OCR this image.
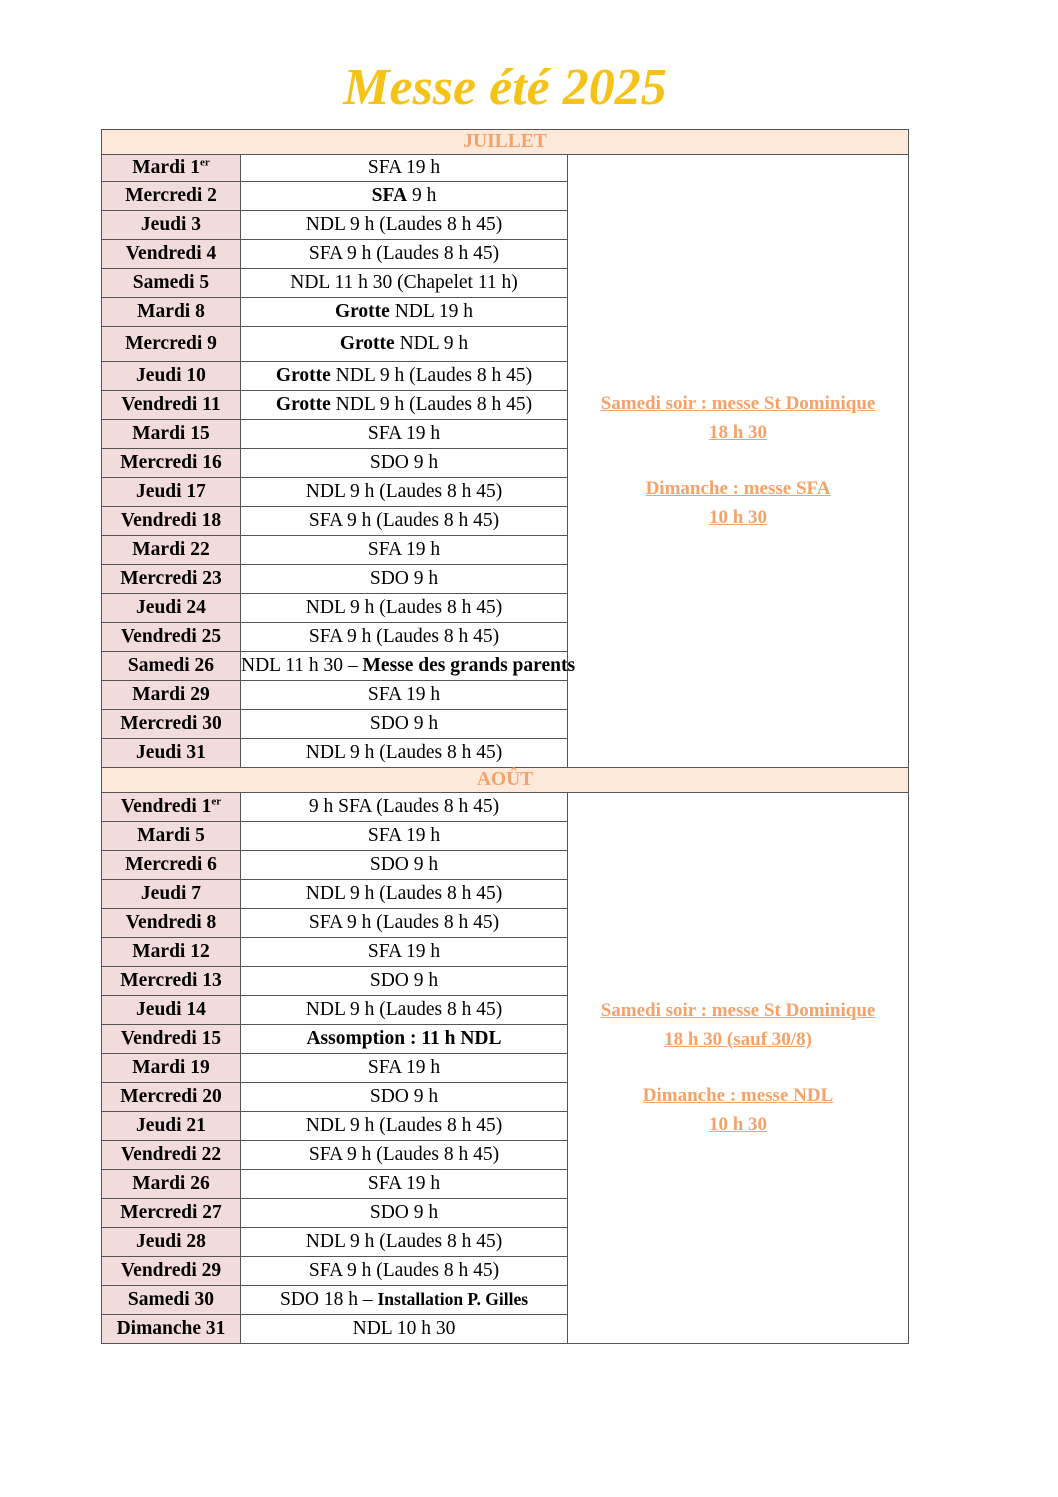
Messe été 2025
JUILLET		
Mardi 1er	SFA 19 h	Samedi soir : messe St Dominique
18 h 30
Dimanche : messe SFA
10 h 30

Mercredi 2	SFA 9 h	
Jeudi 3	NDL 9 h (Laudes 8 h 45)	
Vendredi 4	SFA 9 h (Laudes 8 h 45)	
Samedi 5	NDL 11 h 30 (Chapelet 11 h)	
Mardi 8	Grotte NDL 19 h	
Mercredi 9	Grotte NDL 9 h	
Jeudi 10	Grotte NDL 9 h (Laudes 8 h 45)	
Vendredi 11	Grotte NDL 9 h (Laudes 8 h 45)	
Mardi 15	SFA 19 h	
Mercredi 16	SDO 9 h	
Jeudi 17	NDL 9 h (Laudes 8 h 45)	
Vendredi 18	SFA 9 h (Laudes 8 h 45)	
Mardi 22	SFA 19 h	
Mercredi 23	SDO 9 h	
Jeudi 24	NDL 9 h (Laudes 8 h 45)	
Vendredi 25	SFA 9 h (Laudes 8 h 45)	
Samedi 26	NDL 11 h 30 – Messe des grands parents	
Mardi 29	SFA 19 h	
Mercredi 30	SDO 9 h	
Jeudi 31	NDL 9 h (Laudes 8 h 45)	
AOÛT		
Vendredi 1er	9 h SFA (Laudes 8 h 45)	Samedi soir : messe St Dominique
18 h 30 (sauf 30/8)
Dimanche : messe NDL
10 h 30

Mardi 5	SFA 19 h	
Mercredi 6	SDO 9 h	
Jeudi 7	NDL 9 h (Laudes 8 h 45)	
Vendredi 8	SFA 9 h (Laudes 8 h 45)	
Mardi 12	SFA 19 h	
Mercredi 13	SDO 9 h	
Jeudi 14	NDL 9 h (Laudes 8 h 45)	
Vendredi 15	Assomption : 11 h NDL	
Mardi 19	SFA 19 h	
Mercredi 20	SDO 9 h	
Jeudi 21	NDL 9 h (Laudes 8 h 45)	
Vendredi 22	SFA 9 h (Laudes 8 h 45)	
Mardi 26	SFA 19 h	
Mercredi 27	SDO 9 h	
Jeudi 28	NDL 9 h (Laudes 8 h 45)	
Vendredi 29	SFA 9 h (Laudes 8 h 45)	
Samedi 30	SDO 18 h – Installation P. Gilles	
Dimanche 31	NDL 10 h 30	
